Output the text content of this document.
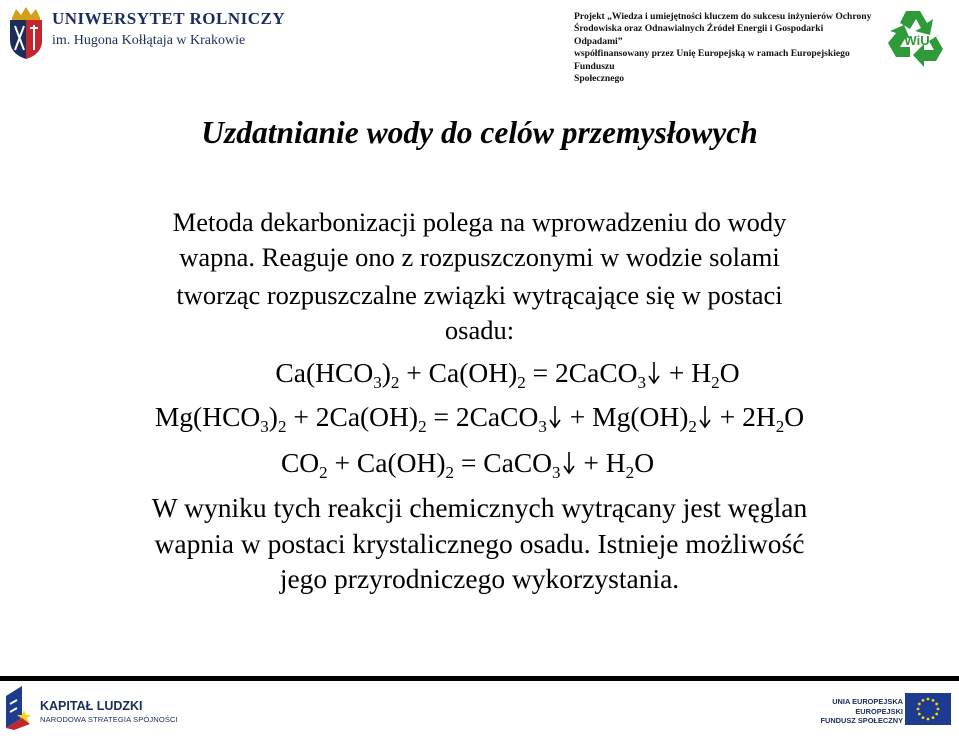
UNIWERSYTET ROLNICZY
im. Hugona Kołłątaja w Krakowie
Projekt „Wiedza i umiejętności kluczem do sukcesu inżynierów Ochrony
Środowiska oraz Odnawialnych Źródeł Energii i Gospodarki Odpadami”
współfinansowany przez Unię Europejską w ramach Europejskiego Funduszu
Społecznego
WiU
Uzdatnianie wody do celów przemysłowych
Metoda dekarbonizacji polega na wprowadzeniu do wody
wapna. Reaguje ono z rozpuszczonymi w wodzie solami
tworząc rozpuszczalne związki wytrącające się w postaci
osadu:
$Ca(HCO_3)_2 + Ca(OH)_2$ = 2CaCO$_3$ + $H_2O$
$Mg(HCO_3)_2 + 2Ca(OH)_2$ = 2CaCO$_3$ + $Mg(OH)_2 + 2H_2O$
$CO_2 + Ca(OH)_2$ = CaCO$_3$ + $H_2O$
W wyniku tych reakcji chemicznych wytrącany jest węglan
wapnia w postaci krystalicznego osadu. Istnieje możliwość
jego przyrodniczego wykorzystania.
KAPITAŁ LUDZKI
NARODOWA STRATEGIA SPÓJNOŚCI
UNIA EUROPEJSKA
EUROPEJSKI
FUNDUSZ SPOŁECZNY
